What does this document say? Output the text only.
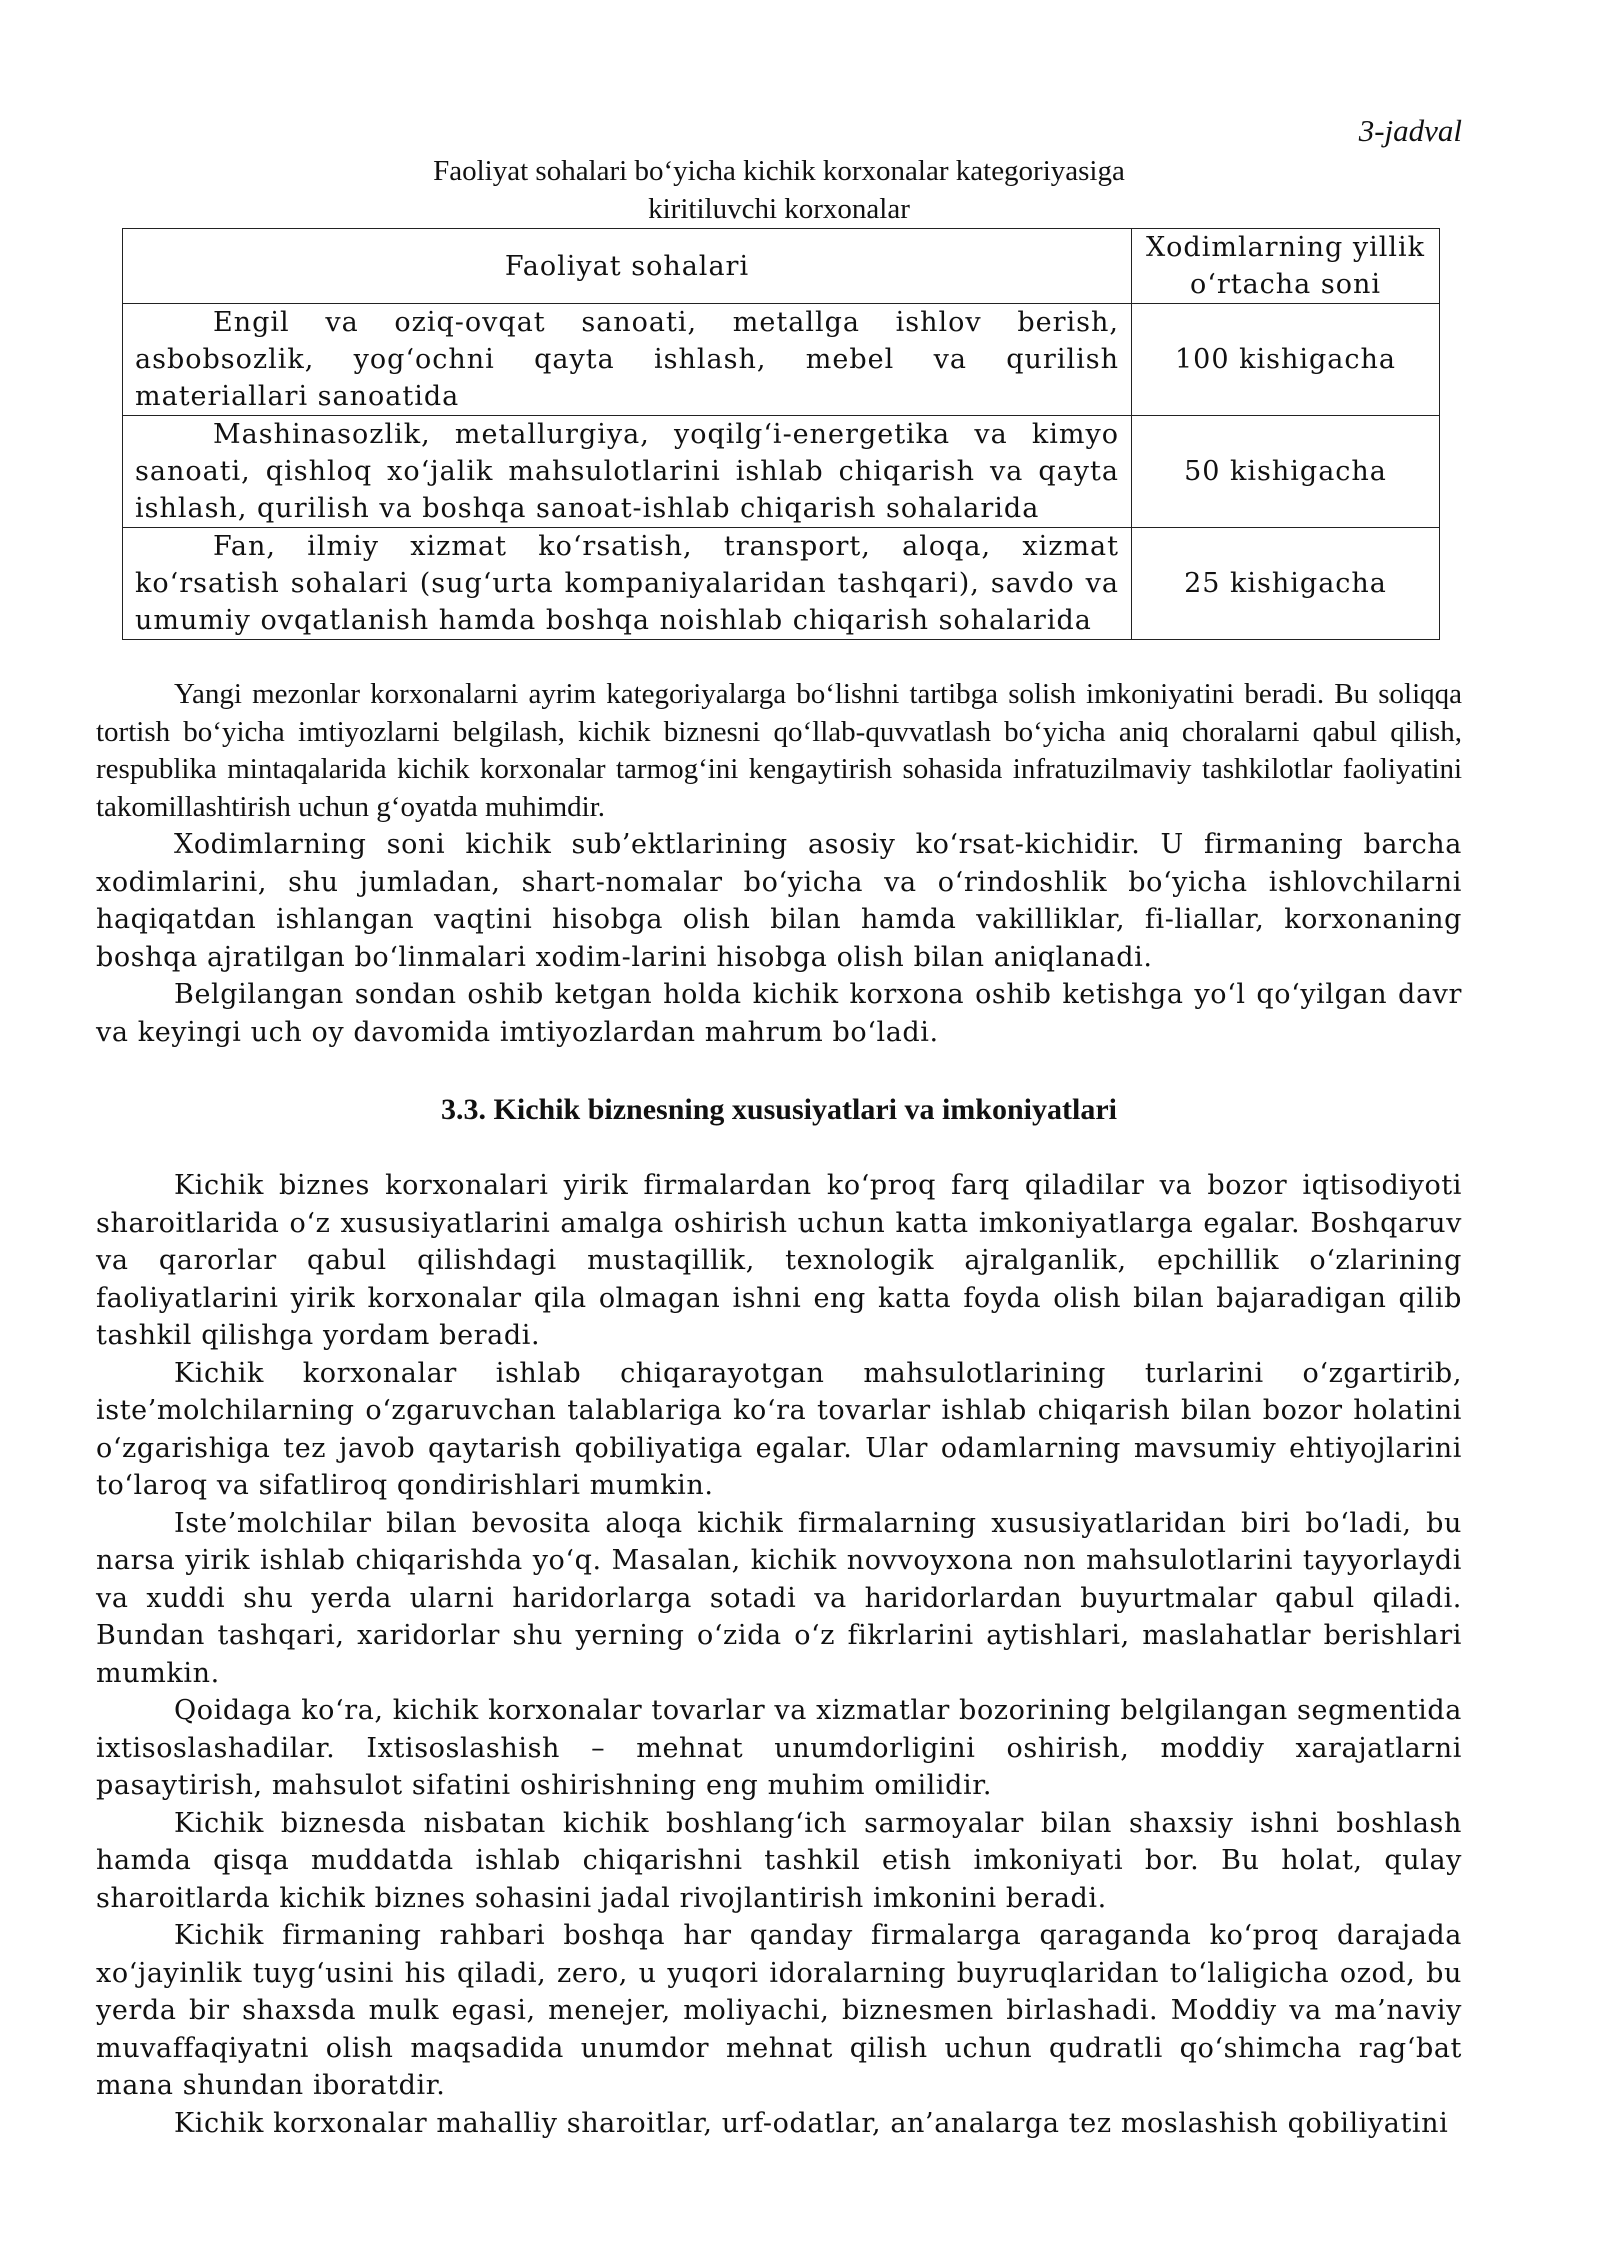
3-jadval

Faoliyat sohalari bo‘yicha kichik korxonalar kategoriyasiga
kiritiluvchi korxonalar
Faoliyat sohalari	Xodimlarning yillik o‘rtacha soni
Engil va oziq-ovqat sanoati, metallga ishlov berish, asbobsozlik, yog‘ochni qayta ishlash, mebel va qurilish materiallari sanoatida	100 kishigacha
Mashinasozlik, metallurgiya, yoqilg‘i-energetika va kimyo sanoati, qishloq xo‘jalik mahsulotlarini ishlab chiqarish va qayta ishlash, qurilish va boshqa sanoat-ishlab chiqarish sohalarida	50 kishigacha
Fan, ilmiy xizmat ko‘rsatish, transport, aloqa, xizmat ko‘rsatish sohalari (sug‘urta kompaniyalaridan tashqari), savdo va umumiy ovqatlanish hamda boshqa noishlab chiqarish sohalarida	25 kishigacha

Yangi mezonlar korxonalarni ayrim kategoriyalarga bo‘lishni tartibga solish imkoniyatini beradi. Bu soliqqa tortish bo‘yicha imtiyozlarni belgilash, kichik biznesni qo‘llab-quvvatlash bo‘yicha aniq choralarni qabul qilish, respublika mintaqalarida kichik korxonalar tarmog‘ini kengaytirish sohasida infratuzilmaviy tashkilotlar faoliyatini takomillashtirish uchun g‘oyatda muhimdir.

Xodimlarning soni kichik sub’ektlarining asosiy ko‘rsat-kichidir. U firmaning barcha xodimlarini, shu jumladan, shart-nomalar bo‘yicha va o‘rindoshlik bo‘yicha ishlovchilarni haqiqatdan ishlangan vaqtini hisobga olish bilan hamda vakilliklar, fi-liallar, korxonaning boshqa ajratilgan bo‘linmalari xodim-larini hisobga olish bilan aniqlanadi.

Belgilangan sondan oshib ketgan holda kichik korxona oshib ketishga yo‘l qo‘yilgan davr va keyingi uch oy davomida imtiyozlardan mahrum bo‘ladi.

3.3. Kichik biznesning xususiyatlari va imkoniyatlari

Kichik biznes korxonalari yirik firmalardan ko‘proq farq qiladilar va bozor iqtisodiyoti sharoitlarida o‘z xususiyatlarini amalga oshirish uchun katta imkoniyatlarga egalar. Boshqaruv va qarorlar qabul qilishdagi mustaqillik, texnologik ajralganlik, epchillik o‘zlarining faoliyatlarini yirik korxonalar qila olmagan ishni eng katta foyda olish bilan bajaradigan qilib tashkil qilishga yordam beradi.

Kichik korxonalar ishlab chiqarayotgan mahsulotlarining turlarini o‘zgartirib, iste’molchilarning o‘zgaruvchan talablariga ko‘ra tovarlar ishlab chiqarish bilan bozor holatini o‘zgarishiga tez javob qaytarish qobiliyatiga egalar. Ular odamlarning mavsumiy ehtiyojlarini to‘laroq va sifatliroq qondirishlari mumkin.

Iste’molchilar bilan bevosita aloqa kichik firmalarning xususiyatlaridan biri bo‘ladi, bu narsa yirik ishlab chiqarishda yo‘q. Masalan, kichik novvoyxona non mahsulotlarini tayyorlaydi va xuddi shu yerda ularni haridorlarga sotadi va haridorlardan buyurtmalar qabul qiladi. Bundan tashqari, xaridorlar shu yerning o‘zida o‘z fikrlarini aytishlari, maslahatlar berishlari mumkin.

Qoidaga ko‘ra, kichik korxonalar tovarlar va xizmatlar bozorining belgilangan segmentida ixtisoslashadilar. Ixtisoslashish – mehnat unumdorligini oshirish, moddiy xarajatlarni pasaytirish, mahsulot sifatini oshirishning eng muhim omilidir.

Kichik biznesda nisbatan kichik boshlang‘ich sarmoyalar bilan shaxsiy ishni boshlash hamda qisqa muddatda ishlab chiqarishni tashkil etish imkoniyati bor. Bu holat, qulay sharoitlarda kichik biznes sohasini jadal rivojlantirish imkonini beradi.

Kichik firmaning rahbari boshqa har qanday firmalarga qaraganda ko‘proq darajada xo‘jayinlik tuyg‘usini his qiladi, zero, u yuqori idoralarning buyruqlaridan to‘laligicha ozod, bu yerda bir shaxsda mulk egasi, menejer, moliyachi, biznesmen birlashadi. Moddiy va ma’naviy muvaffaqiyatni olish maqsadida unumdor mehnat qilish uchun qudratli qo‘shimcha rag‘bat mana shundan iboratdir.

Kichik korxonalar mahalliy sharoitlar, urf-odatlar, an’analarga tez moslashish qobiliyatini
